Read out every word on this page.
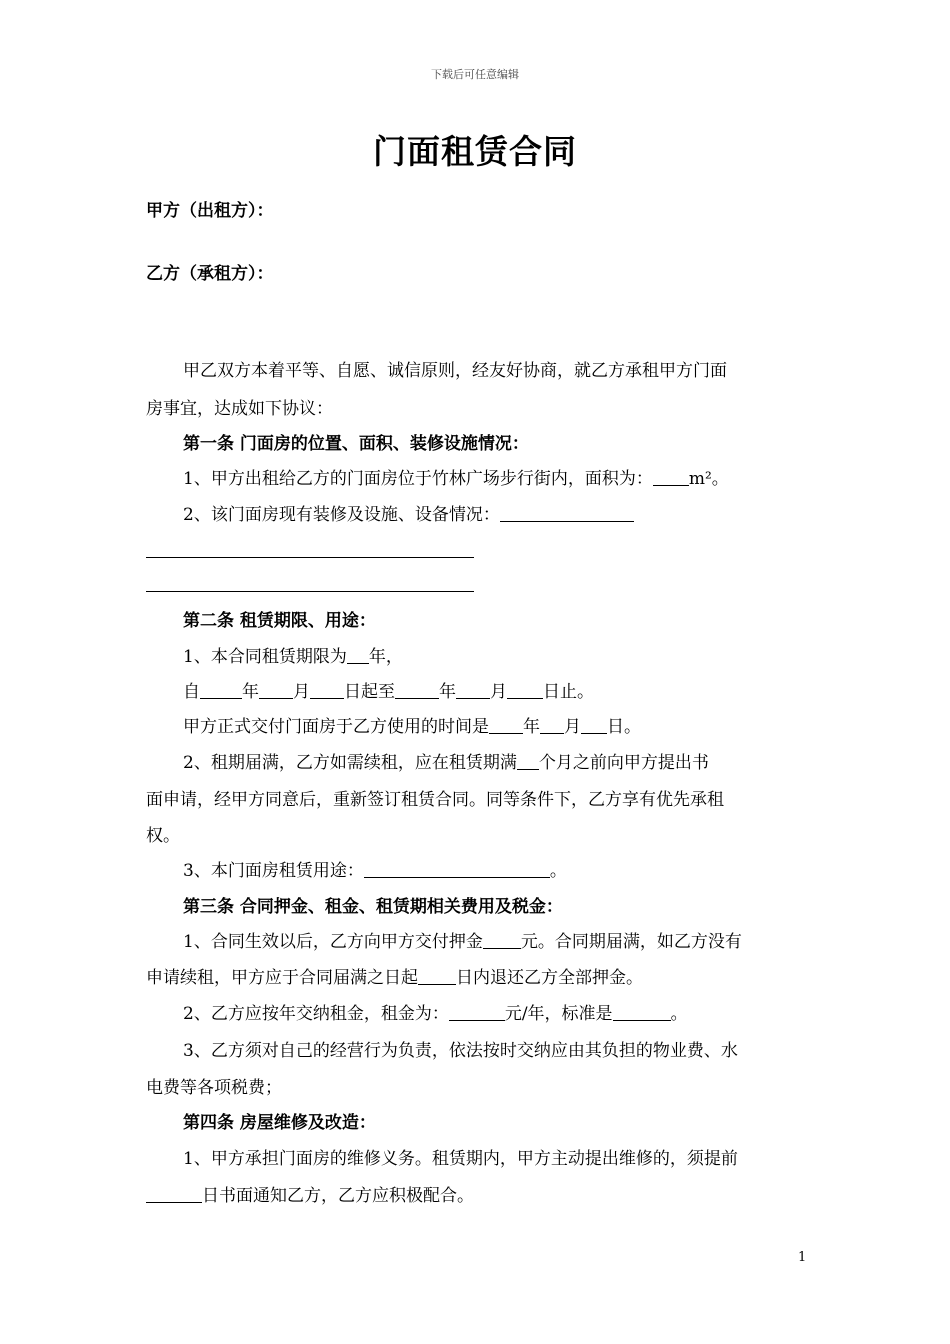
下载后可任意编辑
门面租赁合同
甲方（出租方）：
乙方（承租方）：
甲乙双方本着平等、自愿、诚信原则，经友好协商，就乙方承租甲方门面
房事宜，达成如下协议：
第一条 门面房的位置、面积、装修设施情况：
1、甲方出租给乙方的门面房位于竹林广场步行街内，面积为： m²。
2、该门面房现有装修及设施、设备情况：
第二条 租赁期限、用途：
1、本合同租赁期限为 年，
自 年 月 日起至	年 月 日止。
甲方正式交付门面房于乙方使用的时间是 年 月 日。
2、租期届满，乙方如需续租，应在租赁期满 个月之前向甲方提出书
面申请，经甲方同意后，重新签订租赁合同。同等条件下，乙方享有优先承租
权。
3、本门面房租赁用途：	。
第三条 合同押金、租金、租赁期相关费用及税金：
1、合同生效以后，乙方向甲方交付押金 元。合同期届满，如乙方没有
申请续租，甲方应于合同届满之日起 日内退还乙方全部押金。
2、乙方应按年交纳租金，租金为：	元/年，标准是	。
3、乙方须对自己的经营行为负责，依法按时交纳应由其负担的物业费、水
电费等各项税费；
第四条 房屋维修及改造：
1、甲方承担门面房的维修义务。租赁期内，甲方主动提出维修的，须提前
日书面通知乙方，乙方应积极配合。
1
